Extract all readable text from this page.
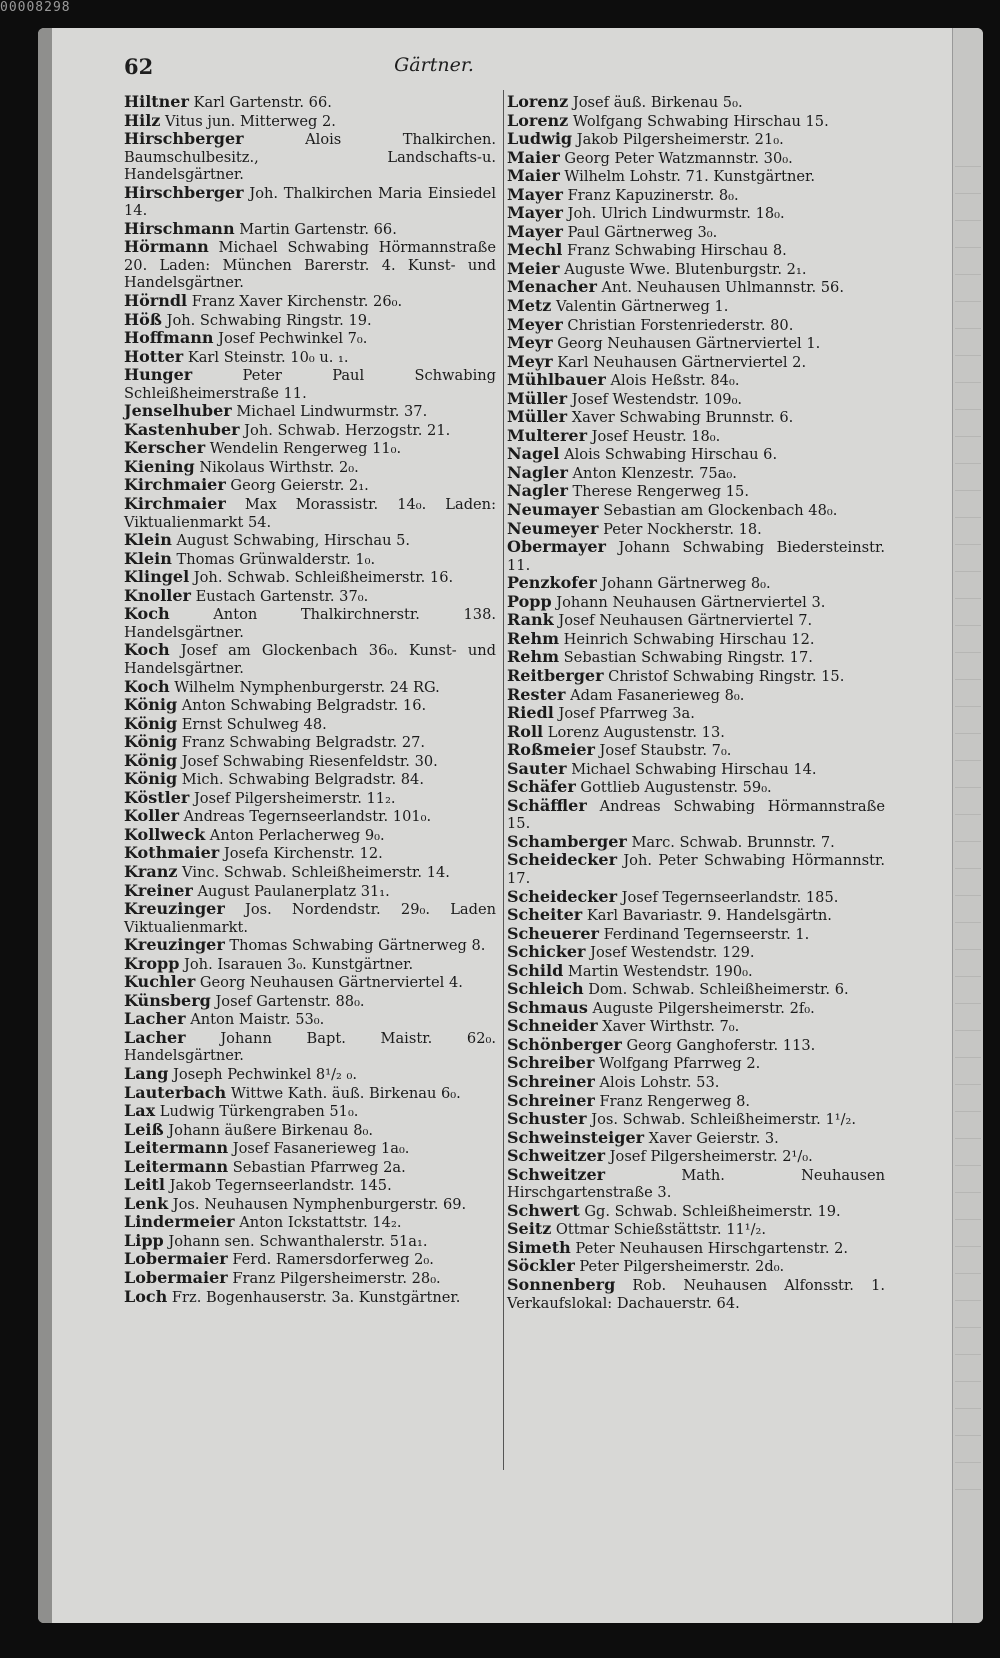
00008298
62	Gärtner.

Hiltner Karl Gartenstr. 66.

Hilz Vitus jun. Mitterweg 2.

Hirschberger Alois Thalkirchen. Baumschulbesitz., Landschafts-u. Handelsgärtner.

Hirschberger Joh. Thalkirchen Maria Einsiedel 14.

Hirschmann Martin Gartenstr. 66.

Hörmann Michael Schwabing Hörmannstraße 20. Laden: München Barerstr. 4. Kunst- und Handelsgärtner.

Hörndl Franz Xaver Kirchenstr. 26₀.

Höß Joh. Schwabing Ringstr. 19.

Hoffmann Josef Pechwinkel 7₀.

Hotter Karl Steinstr. 10₀ u. ₁.

Hunger Peter Paul Schwabing Schleißheimerstraße 11.

Jenselhuber Michael Lindwurmstr. 37.

Kastenhuber Joh. Schwab. Herzogstr. 21.

Kerscher Wendelin Rengerweg 11₀.

Kiening Nikolaus Wirthstr. 2₀.

Kirchmaier Georg Geierstr. 2₁.

Kirchmaier Max Morassistr. 14₀. Laden: Viktualienmarkt 54.

Klein August Schwabing, Hirschau 5.

Klein Thomas Grünwalderstr. 1₀.

Klingel Joh. Schwab. Schleißheimerstr. 16.

Knoller Eustach Gartenstr. 37₀.

Koch Anton Thalkirchnerstr. 138. Handelsgärtner.

Koch Josef am Glockenbach 36₀. Kunst- und Handelsgärtner.

Koch Wilhelm Nymphenburgerstr. 24 RG.

König Anton Schwabing Belgradstr. 16.

König Ernst Schulweg 48.

König Franz Schwabing Belgradstr. 27.

König Josef Schwabing Riesenfeldstr. 30.

König Mich. Schwabing Belgradstr. 84.

Köstler Josef Pilgersheimerstr. 11₂.

Koller Andreas Tegernseerlandstr. 101₀.

Kollweck Anton Perlacherweg 9₀.

Kothmaier Josefa Kirchenstr. 12.

Kranz Vinc. Schwab. Schleißheimerstr. 14.

Kreiner August Paulanerplatz 31₁.

Kreuzinger Jos. Nordendstr. 29₀. Laden Viktualienmarkt.

Kreuzinger Thomas Schwabing Gärtnerweg 8.

Kropp Joh. Isarauen 3₀. Kunstgärtner.

Kuchler Georg Neuhausen Gärtnerviertel 4.

Künsberg Josef Gartenstr. 88₀.

Lacher Anton Maistr. 53₀.

Lacher Johann Bapt. Maistr. 62₀. Handelsgärtner.

Lang Joseph Pechwinkel 8¹/₂ ₀.

Lauterbach Wittwe Kath. äuß. Birkenau 6₀.

Lax Ludwig Türkengraben 51₀.

Leiß Johann äußere Birkenau 8₀.

Leitermann Josef Fasanerieweg 1a₀.

Leitermann Sebastian Pfarrweg 2a.

Leitl Jakob Tegernseerlandstr. 145.

Lenk Jos. Neuhausen Nymphenburgerstr. 69.

Lindermeier Anton Ickstattstr. 14₂.

Lipp Johann sen. Schwanthalerstr. 51a₁.

Lobermaier Ferd. Ramersdorferweg 2₀.

Lobermaier Franz Pilgersheimerstr. 28₀.

Loch Frz. Bogenhauserstr. 3a. Kunstgärtner.

Lorenz Josef äuß. Birkenau 5₀.

Lorenz Wolfgang Schwabing Hirschau 15.

Ludwig Jakob Pilgersheimerstr. 21₀.

Maier Georg Peter Watzmannstr. 30₀.

Maier Wilhelm Lohstr. 71. Kunstgärtner.

Mayer Franz Kapuzinerstr. 8₀.

Mayer Joh. Ulrich Lindwurmstr. 18₀.

Mayer Paul Gärtnerweg 3₀.

Mechl Franz Schwabing Hirschau 8.

Meier Auguste Wwe. Blutenburgstr. 2₁.

Menacher Ant. Neuhausen Uhlmannstr. 56.

Metz Valentin Gärtnerweg 1.

Meyer Christian Forstenriederstr. 80.

Meyr Georg Neuhausen Gärtnerviertel 1.

Meyr Karl Neuhausen Gärtnerviertel 2.

Mühlbauer Alois Heßstr. 84₀.

Müller Josef Westendstr. 109₀.

Müller Xaver Schwabing Brunnstr. 6.

Multerer Josef Heustr. 18₀.

Nagel Alois Schwabing Hirschau 6.

Nagler Anton Klenzestr. 75a₀.

Nagler Therese Rengerweg 15.

Neumayer Sebastian am Glockenbach 48₀.

Neumeyer Peter Nockherstr. 18.

Obermayer Johann Schwabing Biedersteinstr. 11.

Penzkofer Johann Gärtnerweg 8₀.

Popp Johann Neuhausen Gärtnerviertel 3.

Rank Josef Neuhausen Gärtnerviertel 7.

Rehm Heinrich Schwabing Hirschau 12.

Rehm Sebastian Schwabing Ringstr. 17.

Reitberger Christof Schwabing Ringstr. 15.

Rester Adam Fasanerieweg 8₀.

Riedl Josef Pfarrweg 3a.

Roll Lorenz Augustenstr. 13.

Roßmeier Josef Staubstr. 7₀.

Sauter Michael Schwabing Hirschau 14.

Schäfer Gottlieb Augustenstr. 59₀.

Schäffler Andreas Schwabing Hörmannstraße 15.

Schamberger Marc. Schwab. Brunnstr. 7.

Scheidecker Joh. Peter Schwabing Hörmannstr. 17.

Scheidecker Josef Tegernseerlandstr. 185.

Scheiter Karl Bavariastr. 9. Handelsgärtn.

Scheuerer Ferdinand Tegernseerstr. 1.

Schicker Josef Westendstr. 129.

Schild Martin Westendstr. 190₀.

Schleich Dom. Schwab. Schleißheimerstr. 6.

Schmaus Auguste Pilgersheimerstr. 2f₀.

Schneider Xaver Wirthstr. 7₀.

Schönberger Georg Ganghoferstr. 113.

Schreiber Wolfgang Pfarrweg 2.

Schreiner Alois Lohstr. 53.

Schreiner Franz Rengerweg 8.

Schuster Jos. Schwab. Schleißheimerstr. 1¹/₂.

Schweinsteiger Xaver Geierstr. 3.

Schweitzer Josef Pilgersheimerstr. 2¹/₀.

Schweitzer Math. Neuhausen Hirschgartenstraße 3.

Schwert Gg. Schwab. Schleißheimerstr. 19.

Seitz Ottmar Schießstättstr. 11¹/₂.

Simeth Peter Neuhausen Hirschgartenstr. 2.

Söckler Peter Pilgersheimerstr. 2d₀.

Sonnenberg Rob. Neuhausen Alfonsstr. 1. Verkaufslokal: Dachauerstr. 64.
